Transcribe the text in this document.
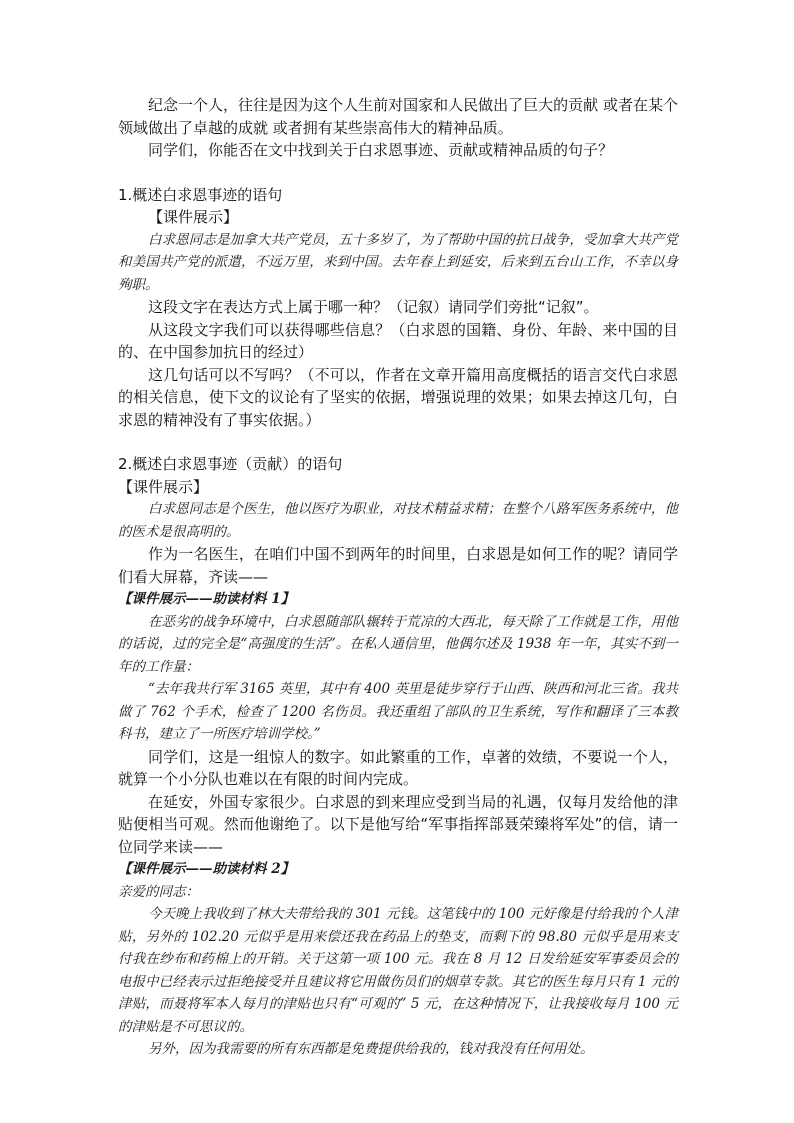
纪念一个人，往往是因为这个人生前对国家和人民做出了巨大的贡献 或者在某个领域做出了卓越的成就 或者拥有某些崇高伟大的精神品质。

同学们，你能否在文中找到关于白求恩事迹、贡献或精神品质的句子？

1.概述白求恩事迹的语句

【课件展示】

白求恩同志是加拿大共产党员，五十多岁了，为了帮助中国的抗日战争，受加拿大共产党和美国共产党的派遣，不远万里，来到中国。去年春上到延安，后来到五台山工作，不幸以身殉职。

这段文字在表达方式上属于哪一种？（记叙）请同学们旁批“记叙”。

从这段文字我们可以获得哪些信息？（白求恩的国籍、身份、年龄、来中国的目的、在中国参加抗日的经过）

这几句话可以不写吗？（不可以，作者在文章开篇用高度概括的语言交代白求恩的相关信息，使下文的议论有了坚实的依据，增强说理的效果；如果去掉这几句，白求恩的精神没有了事实依据。）

2.概述白求恩事迹（贡献）的语句

【课件展示】

白求恩同志是个医生，他以医疗为职业，对技术精益求精；在整个八路军医务系统中，他的医术是很高明的。

作为一名医生，在咱们中国不到两年的时间里，白求恩是如何工作的呢？请同学们看大屏幕，齐读——

【课件展示——助读材料 1】

在恶劣的战争环境中，白求恩随部队辗转于荒凉的大西北，每天除了工作就是工作，用他的话说，过的完全是“高强度的生活”。在私人通信里，他偶尔述及 1938 年一年，其实不到一年的工作量：

“去年我共行军 3165 英里，其中有 400 英里是徒步穿行于山西、陕西和河北三省。我共做了 762 个手术，检查了 1200 名伤员。我还重组了部队的卫生系统，写作和翻译了三本教科书，建立了一所医疗培训学校。”

同学们，这是一组惊人的数字。如此繁重的工作，卓著的效绩，不要说一个人，就算一个小分队也难以在有限的时间内完成。

在延安，外国专家很少。白求恩的到来理应受到当局的礼遇，仅每月发给他的津贴便相当可观。然而他谢绝了。以下是他写给“军事指挥部聂荣臻将军处”的信，请一位同学来读——

【课件展示——助读材料 2】

亲爱的同志：

今天晚上我收到了林大夫带给我的 301 元钱。这笔钱中的 100 元好像是付给我的个人津贴，另外的 102.20 元似乎是用来偿还我在药品上的垫支，而剩下的 98.80 元似乎是用来支付我在纱布和药棉上的开销。关于这第一项 100 元。我在 8 月 12 日发给延安军事委员会的电报中已经表示过拒绝接受并且建议将它用做伤员们的烟草专款。其它的医生每月只有 1 元的津贴，而聂将军本人每月的津贴也只有“可观的” 5 元，在这种情况下，让我接收每月 100 元的津贴是不可思议的。

另外，因为我需要的所有东西都是免费提供给我的，钱对我没有任何用处。
